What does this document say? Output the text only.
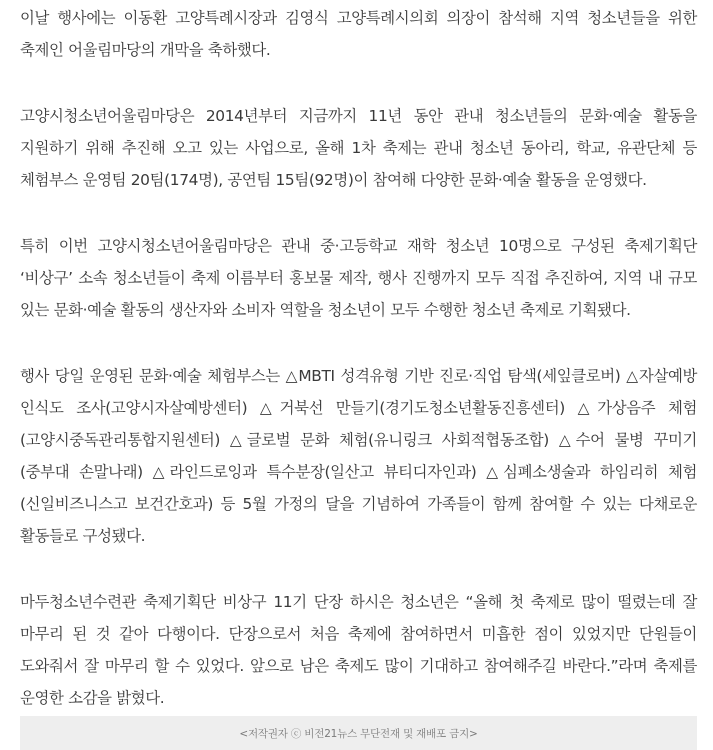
이날 행사에는 이동환 고양특례시장과 김영식 고양특례시의회 의장이 참석해 지역 청소년들을 위한 축제인 어울림마당의 개막을 축하했다.

고양시청소년어울림마당은 2014년부터 지금까지 11년 동안 관내 청소년들의 문화·예술 활동을 지원하기 위해 추진해 오고 있는 사업으로, 올해 1차 축제는 관내 청소년 동아리, 학교, 유관단체 등 체험부스 운영팀 20팀(174명), 공연팀 15팀(92명)이 참여해 다양한 문화·예술 활동을 운영했다.

특히 이번 고양시청소년어울림마당은 관내 중·고등학교 재학 청소년 10명으로 구성된 축제기획단 ‘비상구’ 소속 청소년들이 축제 이름부터 홍보물 제작, 행사 진행까지 모두 직접 추진하여, 지역 내 규모 있는 문화·예술 활동의 생산자와 소비자 역할을 청소년이 모두 수행한 청소년 축제로 기획됐다.

행사 당일 운영된 문화·예술 체험부스는 △MBTI 성격유형 기반 진로·직업 탐색(세잎클로버) △자살예방 인식도 조사(고양시자살예방센터) △거북선 만들기(경기도청소년활동진흥센터) △가상음주 체험(고양시중독관리통합지원센터) △글로벌 문화 체험(유니링크 사회적협동조합) △수어 물병 꾸미기(중부대 손말나래) △라인드로잉과 특수분장(일산고 뷰티디자인과) △심폐소생술과 하임리히 체험(신일비즈니스고 보건간호과) 등 5월 가정의 달을 기념하여 가족들이 함께 참여할 수 있는 다채로운 활동들로 구성됐다.

마두청소년수련관 축제기획단 비상구 11기 단장 하시은 청소년은 “올해 첫 축제로 많이 떨렸는데 잘 마무리 된 것 같아 다행이다. 단장으로서 처음 축제에 참여하면서 미흡한 점이 있었지만 단원들이 도와줘서 잘 마무리 할 수 있었다. 앞으로 남은 축제도 많이 기대하고 참여해주길 바란다.”라며 축제를 운영한 소감을 밝혔다.

<저작권자 ⓒ 비전21뉴스 무단전재 및 재배포 금지>
